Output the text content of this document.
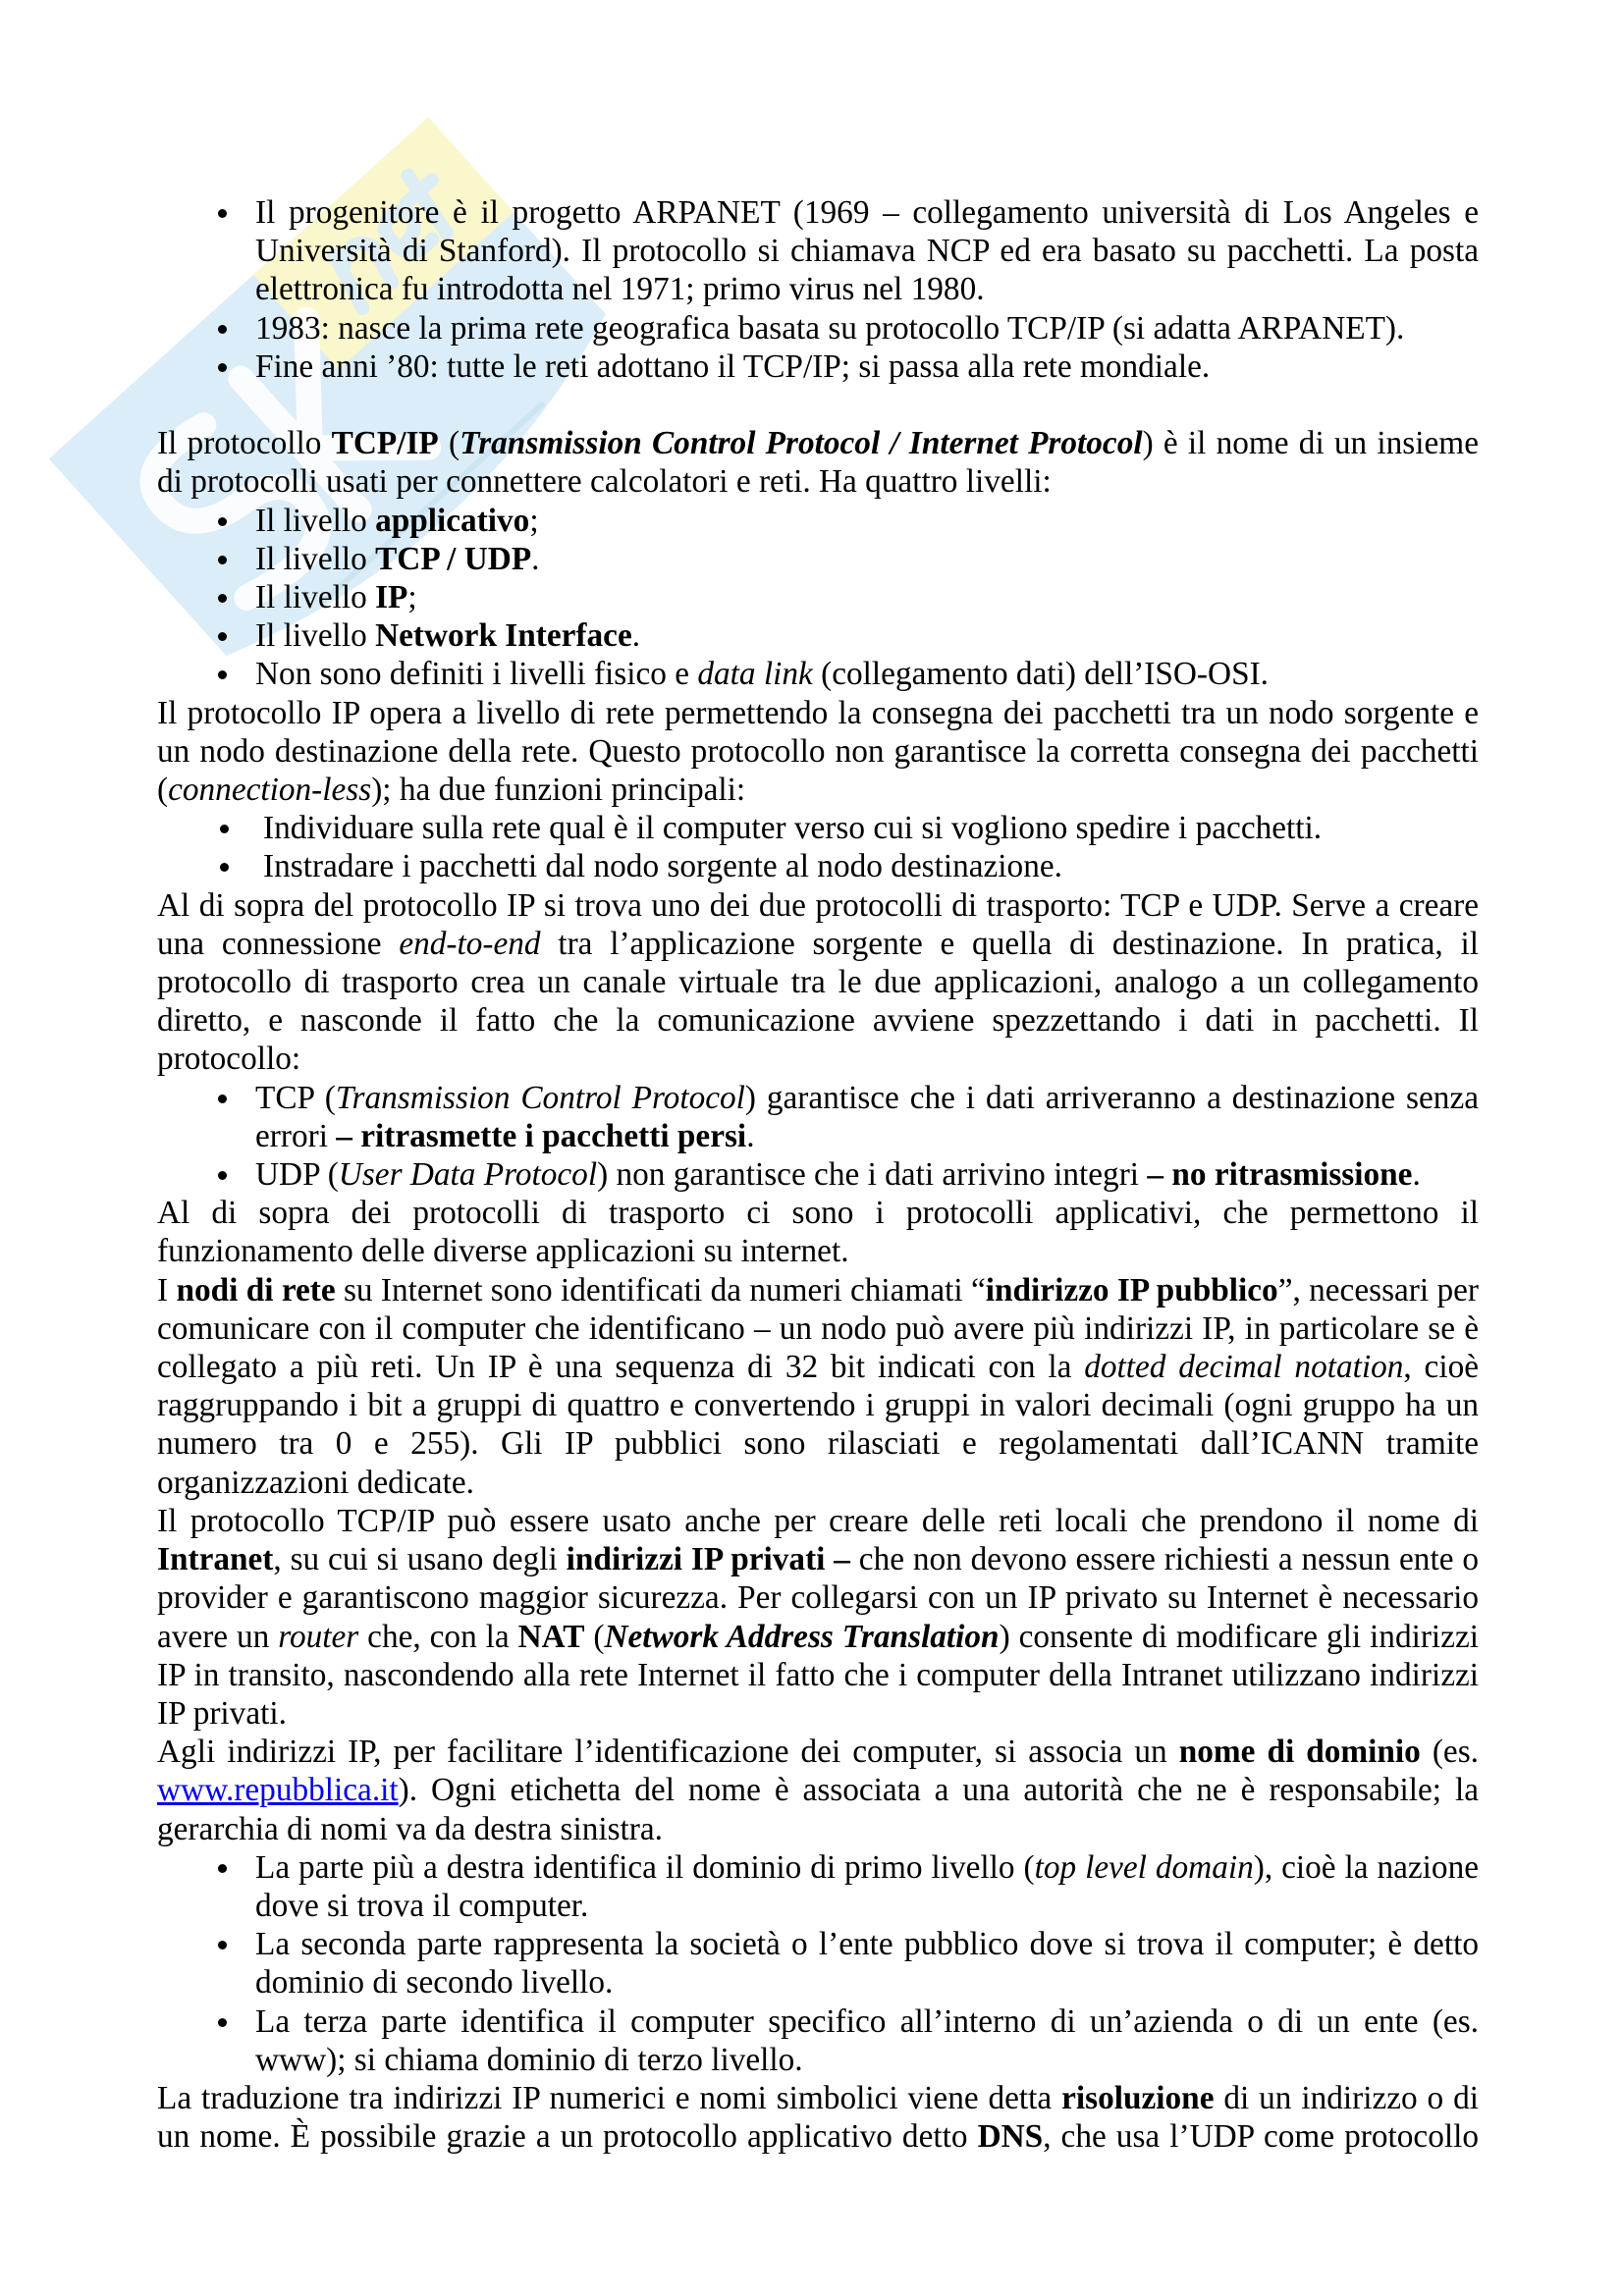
Il progenitore è il progetto ARPANET (1969 – collegamento università di Los Angeles e Università di Stanford). Il protocollo si chiamava NCP ed era basato su pacchetti. La posta elettronica fu introdotta nel 1971; primo virus nel 1980.
1983: nasce la prima rete geografica basata su protocollo TCP/IP (si adatta ARPANET).
Fine anni ’80: tutte le reti adottano il TCP/IP; si passa alla rete mondiale.

Il protocollo TCP/IP (Transmission Control Protocol / Internet Protocol) è il nome di un insieme di protocolli usati per connettere calcolatori e reti. Ha quattro livelli:

Il livello applicativo;
Il livello TCP / UDP.
Il livello IP;
Il livello Network Interface.
Non sono definiti i livelli fisico e data link (collegamento dati) dell’ISO-OSI.

Il protocollo IP opera a livello di rete permettendo la consegna dei pacchetti tra un nodo sorgente e un nodo destinazione della rete. Questo protocollo non garantisce la corretta consegna dei pacchetti (connection-less); ha due funzioni principali:

Individuare sulla rete qual è il computer verso cui si vogliono spedire i pacchetti.
Instradare i pacchetti dal nodo sorgente al nodo destinazione.

Al di sopra del protocollo IP si trova uno dei due protocolli di trasporto: TCP e UDP. Serve a creare una connessione end-to-end tra l’applicazione sorgente e quella di destinazione. In pratica, il protocollo di trasporto crea un canale virtuale tra le due applicazioni, analogo a un collegamento diretto, e nasconde il fatto che la comunicazione avviene spezzettando i dati in pacchetti. Il protocollo:

TCP (Transmission Control Protocol) garantisce che i dati arriveranno a destinazione senza errori – ritrasmette i pacchetti persi.
UDP (User Data Protocol) non garantisce che i dati arrivino integri – no ritrasmissione.

Al di sopra dei protocolli di trasporto ci sono i protocolli applicativi, che permettono il funzionamento delle diverse applicazioni su internet.

I nodi di rete su Internet sono identificati da numeri chiamati “indirizzo IP pubblico”, necessari per comunicare con il computer che identificano – un nodo può avere più indirizzi IP, in particolare se è collegato a più reti. Un IP è una sequenza di 32 bit indicati con la dotted decimal notation, cioè raggruppando i bit a gruppi di quattro e convertendo i gruppi in valori decimali (ogni gruppo ha un numero tra 0 e 255). Gli IP pubblici sono rilasciati e regolamentati dall’ICANN tramite organizzazioni dedicate.

Il protocollo TCP/IP può essere usato anche per creare delle reti locali che prendono il nome di Intranet, su cui si usano degli indirizzi IP privati – che non devono essere richiesti a nessun ente o provider e garantiscono maggior sicurezza. Per collegarsi con un IP privato su Internet è necessario avere un router che, con la NAT (Network Address Translation) consente di modificare gli indirizzi IP in transito, nascondendo alla rete Internet il fatto che i computer della Intranet utilizzano indirizzi IP privati.

Agli indirizzi IP, per facilitare l’identificazione dei computer, si associa un nome di dominio (es. www.repubblica.it). Ogni etichetta del nome è associata a una autorità che ne è responsabile; la gerarchia di nomi va da destra sinistra.

La parte più a destra identifica il dominio di primo livello (top level domain), cioè la nazione dove si trova il computer.
La seconda parte rappresenta la società o l’ente pubblico dove si trova il computer; è detto dominio di secondo livello.
La terza parte identifica il computer specifico all’interno di un’azienda o di un ente (es. www); si chiama dominio di terzo livello.

La traduzione tra indirizzi IP numerici e nomi simbolici viene detta risoluzione di un indirizzo o di un nome. È possibile grazie a un protocollo applicativo detto DNS, che usa l’UDP come protocollo
